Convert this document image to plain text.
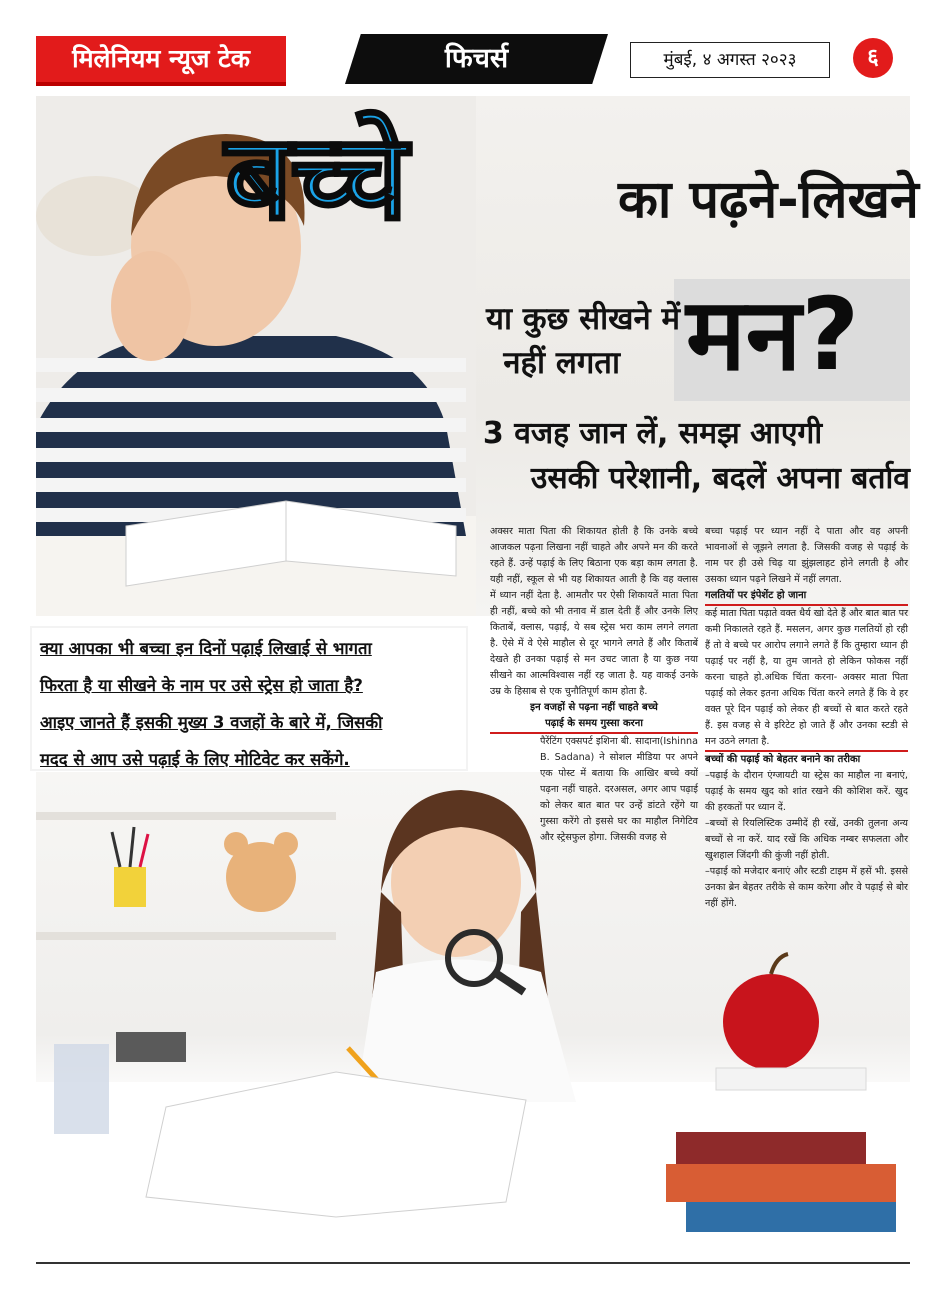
मिलेनियम न्यूज टेक	फिचर्स	मुंबई, ४ अगस्त २०२३	६
बच्चे	का पढ़ने-लिखने
या कुछ सीखने में
नहीं लगता मन?
3 वजह जान लें, समझ आएगी
उसकी परेशानी, बदलें अपना बर्ताव

क्या आपका भी बच्चा इन दिनों पढ़ाई लिखाई से भागता

फिरता है या सीखने के नाम पर उसे स्ट्रेस हो जाता है?

आइए जानते हैं इसकी मुख्य 3 वजहों के बारे में, जिसकी

मदद से आप उसे पढ़ाई के लिए मोटिवेट कर सकेंगे.

अक्सर माता पिता की शिकायत होती है कि उनके बच्चे आजकल पढ़ना लिखना नहीं चाहते और अपने मन की करते रहते हैं. उन्हें पढ़ाई के लिए बिठाना एक बड़ा काम लगता है. यही नहीं, स्कूल से भी यह शिकायत आती है कि वह क्लास में ध्यान नहीं देता है. आमतौर पर ऐसी शिकायतें माता पिता ही नहीं, बच्चे को भी तनाव में डाल देती हैं और उनके लिए किताबें, क्लास, पढ़ाई, ये सब स्ट्रेस भरा काम लगने लगता है. ऐसे में वे ऐसे माहौल से दूर भागने लगते हैं और किताबें देखते ही उनका पढ़ाई से मन उचट जाता है या कुछ नया सीखने का आत्मविश्वास नहीं रह जाता है. यह वाकई उनके उम्र के हिसाब से एक चुनौतिपूर्ण काम होता है.

इन वजहों से पढ़ना नहीं चाहते बच्चे

पढ़ाई के समय गुस्सा करना

पैरेंटिंग एक्सपर्ट इशिना बी. सादाना(Ishinna B. Sadana) ने सोशल मीडिया पर अपने एक पोस्ट में बताया कि आखिर बच्चे क्यों पढ़ना नहीं चाहते. दरअसल, अगर आप पढ़ाई को लेकर बात बात पर उन्हें डांटते रहेंगे या गुस्सा करेंगे तो इससे घर का माहौल निगेटिव और स्ट्रेसफुल होगा. जिसकी वजह से

बच्चा पढ़ाई पर ध्यान नहीं दे पाता और वह अपनी भावनाओं से जूझने लगता है. जिसकी वजह से पढ़ाई के नाम पर ही उसे चिढ़ या झुंझलाहट होने लगती है और उसका ध्यान पढ़ने लिखने में नहीं लगता.

गलतियों पर इंपेशेंट हो जाना

कई माता पिता पढ़ाते वक्त धैर्य खो देते हैं और बात बात पर कमी निकालते रहते हैं. मसलन, अगर कुछ गलतियों हो रही हैं तो वे बच्चे पर आरोप लगाने लगते हैं कि तुम्हारा ध्यान ही पढ़ाई पर नहीं है, या तुम जानते हो लेकिन फोकस नहीं करना चाहते हो.अधिक चिंता करना- अक्सर माता पिता पढ़ाई को लेकर इतना अधिक चिंता करने लगते हैं कि वे हर वक्त पूरे दिन पढ़ाई को लेकर ही बच्चों से बात करते रहते हैं. इस वजह से वे इरिटेट हो जाते हैं और उनका स्टडी से मन उठने लगता है.

बच्चों की पढ़ाई को बेहतर बनाने का तरीका

–पढ़ाई के दौरान एंग्जायटी या स्ट्रेस का माहौल ना बनाएं, पढ़ाई के समय खुद को शांत रखने की कोशिश करें. खुद की हरकतों पर ध्यान दें.

–बच्चों से रियलिस्टिक उम्मीदें ही रखें, उनकी तुलना अन्य बच्चों से ना करें. याद रखें कि अधिक नम्बर सफलता और खुशहाल जिंदगी की कुंजी नहीं होती.

–पढ़ाई को मजेदार बनाएं और स्टडी टाइम में हसें भी. इससे उनका ब्रेन बेहतर तरीके से काम करेगा और वे पढ़ाई से बोर नहीं होंगे.
